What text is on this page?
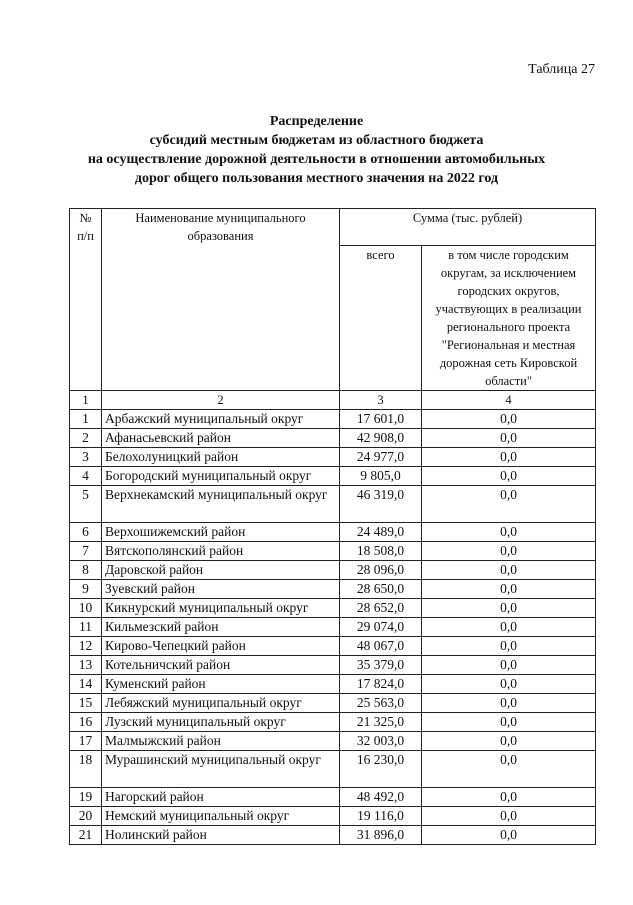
Таблица 27
Распределение
субсидий местным бюджетам из областного бюджета
на осуществление дорожной деятельности в отношении автомобильных
дорог общего пользования местного значения на 2022 год
№ п/п	Наименование муниципального образования	Сумма (тыс. рублей)	
		всего	в том числе городским округам, за исключением городских округов, участвующих в реализации регионального проекта "Региональная и местная дорожная сеть Кировской области"
1	2	3	4
1	Арбажский муниципальный округ	17 601,0	0,0
2	Афанасьевский район	42 908,0	0,0
3	Белохолуницкий район	24 977,0	0,0
4	Богородский муниципальный округ	9 805,0	0,0
5	Верхнекамский муниципальный округ	46 319,0	0,0
6	Верхошижемский район	24 489,0	0,0
7	Вятскополянский район	18 508,0	0,0
8	Даровской район	28 096,0	0,0
9	Зуевский район	28 650,0	0,0
10	Кикнурский муниципальный округ	28 652,0	0,0
11	Кильмезский район	29 074,0	0,0
12	Кирово-Чепецкий район	48 067,0	0,0
13	Котельничский район	35 379,0	0,0
14	Куменский район	17 824,0	0,0
15	Лебяжский муниципальный округ	25 563,0	0,0
16	Лузский муниципальный округ	21 325,0	0,0
17	Малмыжский район	32 003,0	0,0
18	Мурашинский муниципальный округ	16 230,0	0,0
19	Нагорский район	48 492,0	0,0
20	Немский муниципальный округ	19 116,0	0,0
21	Нолинский район	31 896,0	0,0
